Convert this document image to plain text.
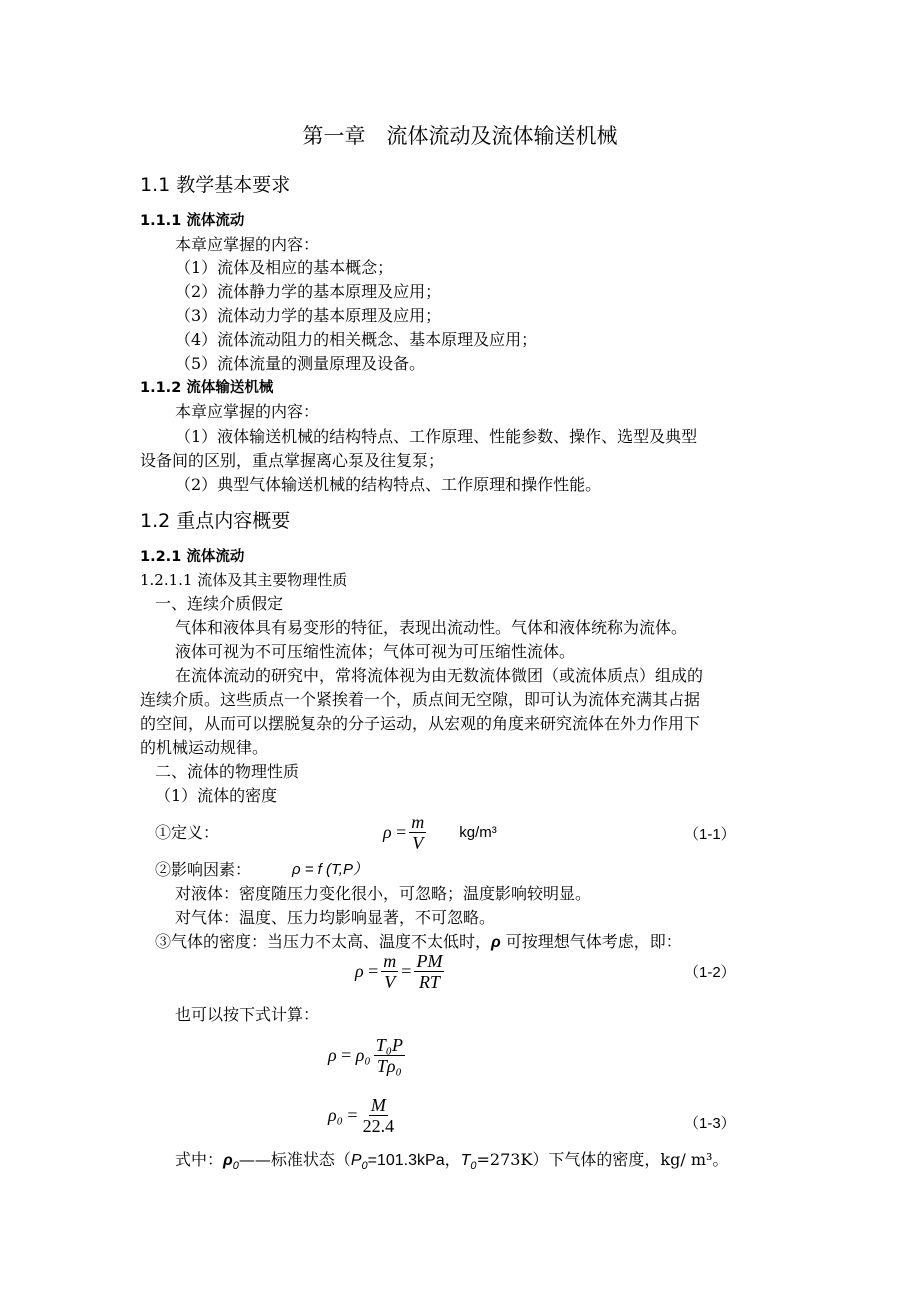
第一章　流体流动及流体输送机械
1.1 教学基本要求
1.1.1 流体流动
本章应掌握的内容：
（1）流体及相应的基本概念；
（2）流体静力学的基本原理及应用；
（3）流体动力学的基本原理及应用；
（4）流体流动阻力的相关概念、基本原理及应用；
（5）流体流量的测量原理及设备。
1.1.2 流体输送机械
本章应掌握的内容：
（1）液体输送机械的结构特点、工作原理、性能参数、操作、选型及典型
设备间的区别，重点掌握离心泵及往复泵；
（2）典型气体输送机械的结构特点、工作原理和操作性能。
1.2 重点内容概要
1.2.1 流体流动
1.2.1.1 流体及其主要物理性质
一、连续介质假定
气体和液体具有易变形的特征，表现出流动性。气体和液体统称为流体。
液体可视为不可压缩性流体；气体可视为可压缩性流体。
在流体流动的研究中，常将流体视为由无数流体微团（或流体质点）组成的
连续介质。这些质点一个紧挨着一个，质点间无空隙，即可认为流体充满其占据
的空间，从而可以摆脱复杂的分子运动，从宏观的角度来研究流体在外力作用下
的机械运动规律。
二、流体的物理性质
（1）流体的密度
①定义：	$\rho = \frac{m}{V} kg/m^3$	（1-1）
②影响因素：	ρ = f (T,P）
对液体：密度随压力变化很小，可忽略；温度影响较明显。
对气体：温度、压力均影响显著，不可忽略。
③气体的密度：当压力不太高、温度不太低时，ρ 可按理想气体考虑，即：
$\rho = \frac{m}{V} = \frac{PM}{RT}$	（1-2）
也可以按下式计算：
$\rho = \rho_0 \frac{\text{T₀P}}{\text{Tρ₀}}$
$\rho_0 = \frac{M}{22.4}$	（1-3）
式中：$\rho_0——$标准状态（$P_0=101.3kPa$，$T_0=273K$）下气体的密度，kg/ m³。
